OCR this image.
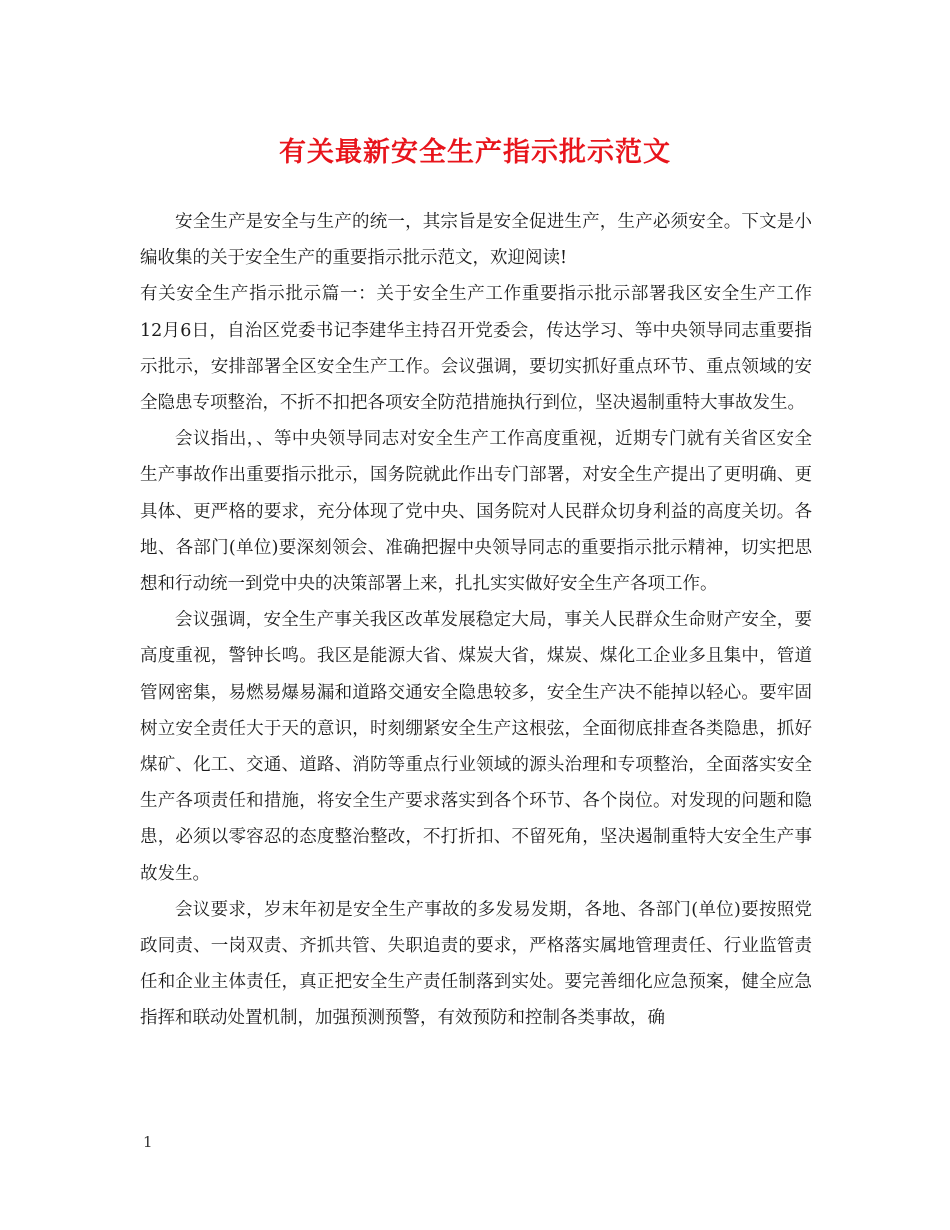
有关最新安全生产指示批示范文

安全生产是安全与生产的统一，其宗旨是安全促进生产，生产必须安全。下文是小编收集的关于安全生产的重要指示批示范文，欢迎阅读!

有关安全生产指示批示篇一：关于安全生产工作重要指示批示部署我区安全生产工作　　12月6日，自治区党委书记李建华主持召开党委会，传达学习、等中央领导同志重要指示批示，安排部署全区安全生产工作。会议强调，要切实抓好重点环节、重点领域的安全隐患专项整治，不折不扣把各项安全防范措施执行到位，坚决遏制重特大事故发生。

会议指出，、等中央领导同志对安全生产工作高度重视，近期专门就有关省区安全生产事故作出重要指示批示，国务院就此作出专门部署，对安全生产提出了更明确、更具体、更严格的要求，充分体现了党中央、国务院对人民群众切身利益的高度关切。各地、各部门(单位)要深刻领会、准确把握中央领导同志的重要指示批示精神，切实把思想和行动统一到党中央的决策部署上来，扎扎实实做好安全生产各项工作。

会议强调，安全生产事关我区改革发展稳定大局，事关人民群众生命财产安全，要高度重视，警钟长鸣。我区是能源大省、煤炭大省，煤炭、煤化工企业多且集中，管道管网密集，易燃易爆易漏和道路交通安全隐患较多，安全生产决不能掉以轻心。要牢固树立安全责任大于天的意识，时刻绷紧安全生产这根弦，全面彻底排查各类隐患，抓好煤矿、化工、交通、道路、消防等重点行业领域的源头治理和专项整治，全面落实安全生产各项责任和措施，将安全生产要求落实到各个环节、各个岗位。对发现的问题和隐患，必须以零容忍的态度整治整改，不打折扣、不留死角，坚决遏制重特大安全生产事故发生。

会议要求，岁末年初是安全生产事故的多发易发期，各地、各部门(单位)要按照党政同责、一岗双责、齐抓共管、失职追责的要求，严格落实属地管理责任、行业监管责任和企业主体责任，真正把安全生产责任制落到实处。要完善细化应急预案，健全应急指挥和联动处置机制，加强预测预警，有效预防和控制各类事故，确

1
